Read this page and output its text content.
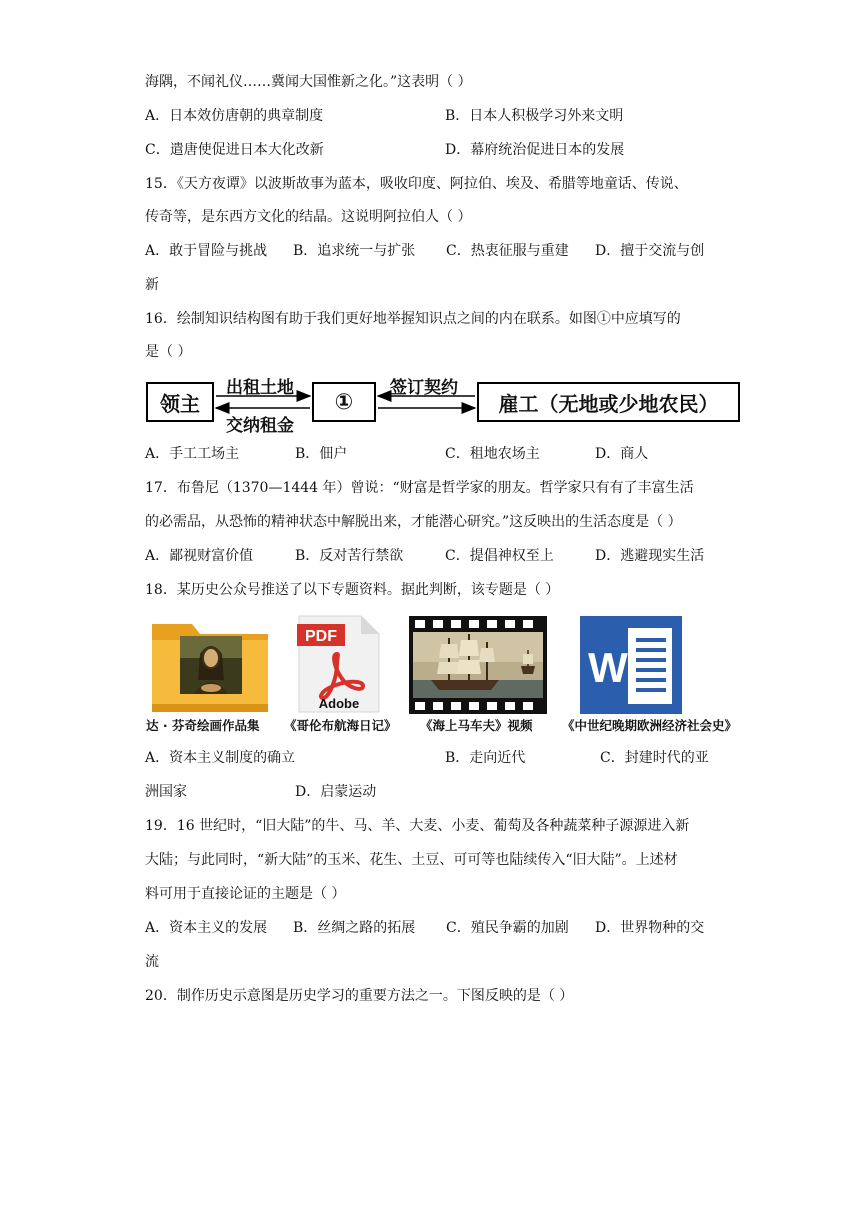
海隅，不闻礼仪……冀闻大国惟新之化。”这表明（ ）
A．日本效仿唐朝的典章制度	B．日本人积极学习外来文明
C．遣唐使促进日本大化改新	D．幕府统治促进日本的发展
15．《天方夜谭》以波斯故事为蓝本，吸收印度、阿拉伯、埃及、希腊等地童话、传说、
传奇等，是东西方文化的结晶。这说明阿拉伯人（ ）
A．敢于冒险与挑战 B．追求统一与扩张 C．热衷征服与重建 D．擅于交流与创
新
16．绘制知识结构图有助于我们更好地举握知识点之间的内在联系。如图①中应填写的
是（ ）
领主	①	雇工（无地或少地农民）
出租土地
交纳租金
签订契约
A．手工工场主	B．佃户	C．租地农场主	D．商人
17．布鲁尼（1370—1444 年）曾说：“财富是哲学家的朋友。哲学家只有有了丰富生活
的必需品，从恐怖的精神状态中解脱出来，才能潜心研究。”这反映出的生活态度是（ ）
A．鄙视财富价值	B．反对苦行禁欲	C．提倡神权至上	D．逃避现实生活
18．某历史公众号推送了以下专题资料。据此判断，该专题是（ ）
PDF
Adobe
W
达 · 芬奇绘画作品集 《哥伦布航海日记》 《海上马车夫》视频 《中世纪晚期欧洲经济社会史》
A．资本主义制度的确立	B．走向近代	C．封建时代的亚
洲国家	D．启蒙运动
19．16 世纪时，“旧大陆”的牛、马、羊、大麦、小麦、葡萄及各种蔬菜种子源源进入新
大陆；与此同时，“新大陆”的玉米、花生、土豆、可可等也陆续传入“旧大陆”。上述材
料可用于直接论证的主题是（ ）
A．资本主义的发展 B．丝绸之路的拓展 C．殖民争霸的加剧 D．世界物种的交
流
20．制作历史示意图是历史学习的重要方法之一。下图反映的是（ ）
